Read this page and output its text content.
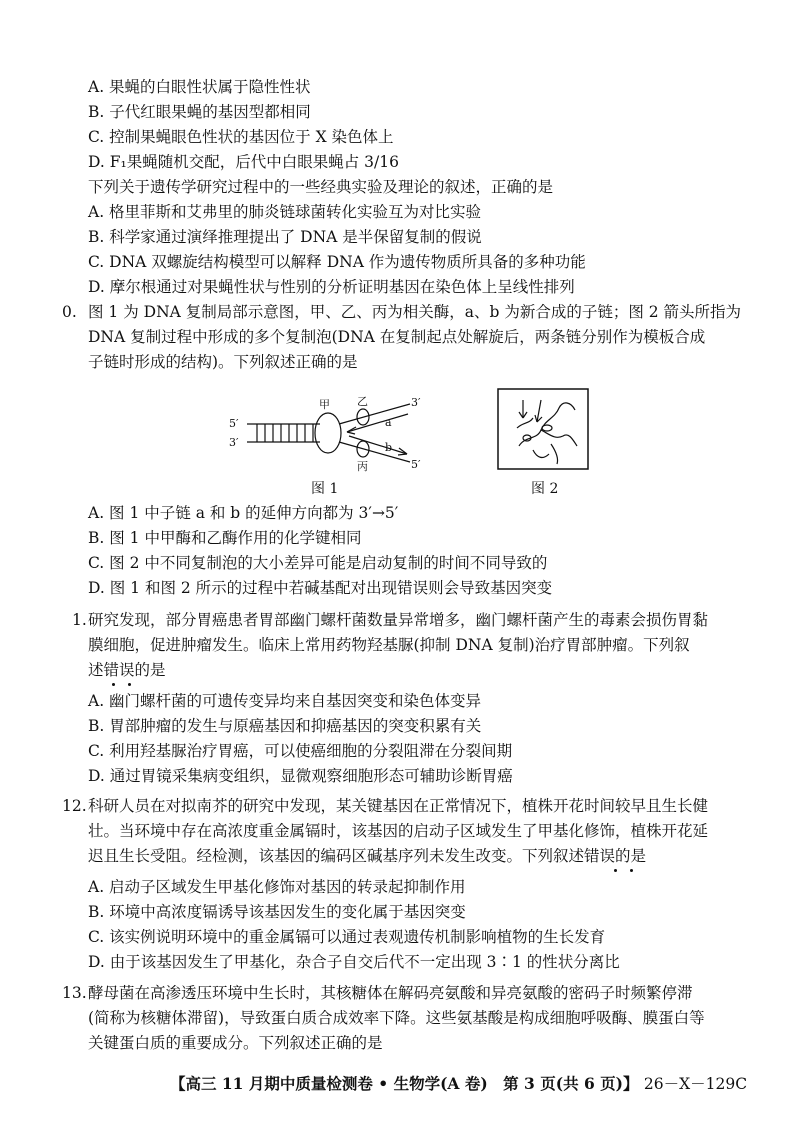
A. 果蝇的白眼性状属于隐性性状
B. 子代红眼果蝇的基因型都相同
C. 控制果蝇眼色性状的基因位于 X 染色体上
D. F₁果蝇随机交配，后代中白眼果蝇占 3/16
下列关于遗传学研究过程中的一些经典实验及理论的叙述，正确的是
A. 格里菲斯和艾弗里的肺炎链球菌转化实验互为对比实验
B. 科学家通过演绎推理提出了 DNA 是半保留复制的假说
C. DNA 双螺旋结构模型可以解释 DNA 作为遗传物质所具备的多种功能
D. 摩尔根通过对果蝇性状与性别的分析证明基因在染色体上呈线性排列
0. 图 1 为 DNA 复制局部示意图，甲、乙、丙为相关酶，a、b 为新合成的子链；图 2 箭头所指为
DNA 复制过程中形成的多个复制泡(DNA 在复制起点处解旋后，两条链分别作为模板合成
子链时形成的结构)。下列叙述正确的是
5′
3′
甲 乙
丙
a
b
3′
5′
图 1	图 2
A. 图 1 中子链 a 和 b 的延伸方向都为 3′→5′
B. 图 1 中甲酶和乙酶作用的化学键相同
C. 图 2 中不同复制泡的大小差异可能是启动复制的时间不同导致的
D. 图 1 和图 2 所示的过程中若碱基配对出现错误则会导致基因突变
1. 研究发现，部分胃癌患者胃部幽门螺杆菌数量异常增多，幽门螺杆菌产生的毒素会损伤胃黏
膜细胞，促进肿瘤发生。临床上常用药物羟基脲(抑制 DNA 复制)治疗胃部肿瘤。下列叙
述错误的是
A. 幽门螺杆菌的可遗传变异均来自基因突变和染色体变异
B. 胃部肿瘤的发生与原癌基因和抑癌基因的突变积累有关
C. 利用羟基脲治疗胃癌，可以使癌细胞的分裂阻滞在分裂间期
D. 通过胃镜采集病变组织，显微观察细胞形态可辅助诊断胃癌
12. 科研人员在对拟南芥的研究中发现，某关键基因在正常情况下，植株开花时间较早且生长健
壮。当环境中存在高浓度重金属镉时，该基因的启动子区域发生了甲基化修饰，植株开花延
迟且生长受阻。经检测，该基因的编码区碱基序列未发生改变。下列叙述错误的是
A. 启动子区域发生甲基化修饰对基因的转录起抑制作用
B. 环境中高浓度镉诱导该基因发生的变化属于基因突变
C. 该实例说明环境中的重金属镉可以通过表观遗传机制影响植物的生长发育
D. 由于该基因发生了甲基化，杂合子自交后代不一定出现 3∶1 的性状分离比
13. 酵母菌在高渗透压环境中生长时，其核糖体在解码亮氨酸和异亮氨酸的密码子时频繁停滞
(简称为核糖体滞留)，导致蛋白质合成效率下降。这些氨基酸是构成细胞呼吸酶、膜蛋白等
关键蛋白质的重要成分。下列叙述正确的是
【高三 11 月期中质量检测卷 • 生物学(A 卷)　第 3 页(共 6 页)】 26－X－129C
